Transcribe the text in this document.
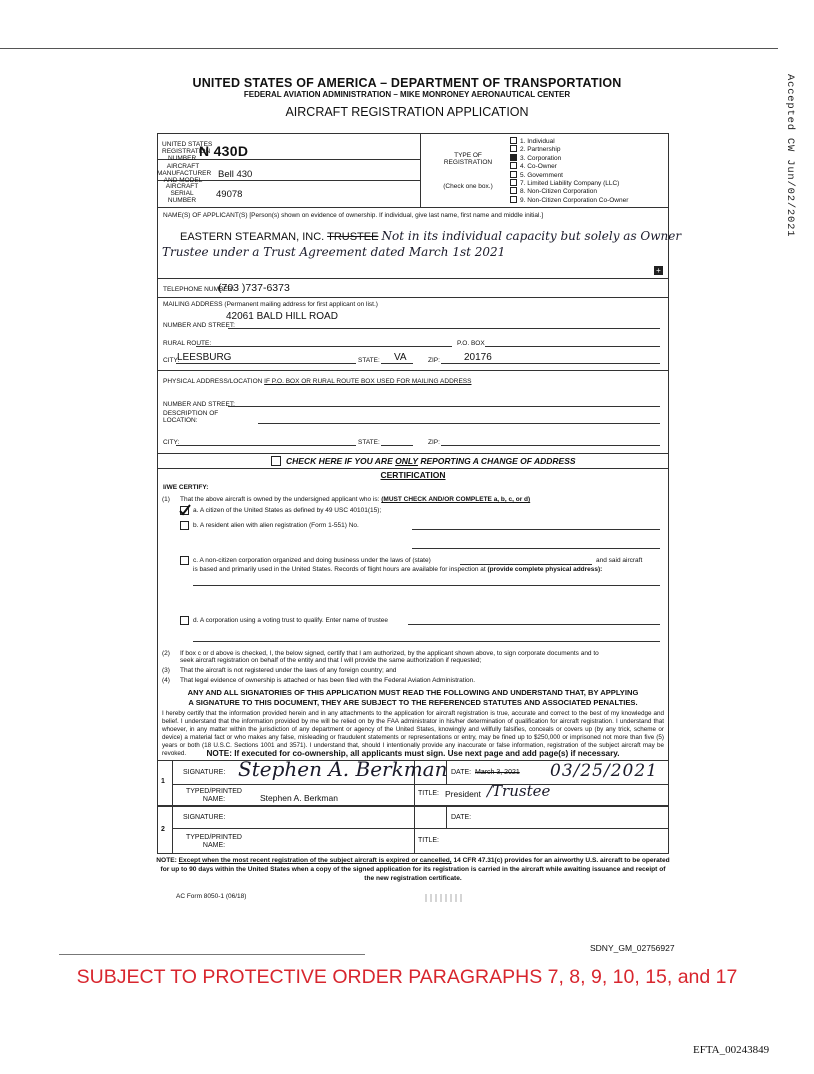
UNITED STATES OF AMERICA – DEPARTMENT OF TRANSPORTATION
FEDERAL AVIATION ADMINISTRATION – MIKE MONRONEY AERONAUTICAL CENTER
AIRCRAFT REGISTRATION APPLICATION	Accepted CW Jun/02/2021
UNITED STATES
REGISTRATION
NUMBER N 430D
AIRCRAFT
MANUFACTURER
AND MODEL
Bell 430
AIRCRAFT
SERIAL
NUMBER
49078
TYPE OF
REGISTRATION
(Check one box.)
1. Individual
2. Partnership
3. Corporation
4. Co-Owner
5. Government
7. Limited Liability Company (LLC)
8. Non-Citizen Corporation
9. Non-Citizen Corporation Co-Owner
NAME(S) OF APPLICANT(S) [Person(s) shown on evidence of ownership. If individual, give last name, first name and middle initial.]
EASTERN STEARMAN, INC. TRUSTEE Not in its individual capacity but solely as Owner
Trustee under a Trust Agreement dated March 1st 2021
+
TELEPHONE NUMBER:
(703 )737-6373
MAILING ADDRESS (Permanent mailing address for first applicant on list.)
NUMBER AND STREET:
42061 BALD HILL ROAD
RURAL ROUTE:	P.O. BOX
CITY:
LEESBURG	STATE: VA	ZIP: 20176
PHYSICAL ADDRESS/LOCATION IF P.O. BOX OR RURAL ROUTE BOX USED FOR MAILING ADDRESS
NUMBER AND STREET:
DESCRIPTION OF
LOCATION:
CITY:	STATE:	ZIP:
CHECK HERE IF YOU ARE ONLY REPORTING A CHANGE OF ADDRESS
CERTIFICATION
I/WE CERTIFY:
(1) That the above aircraft is owned by the undersigned applicant who is: (MUST CHECK AND/OR COMPLETE a, b, c, or d)
a. A citizen of the United States as defined by 49 USC 40101(15);
b. A resident alien with alien registration (Form 1-551) No.
c. A non-citizen corporation organized and doing business under the laws of (state)	and said aircraft
is based and primarily used in the United States. Records of flight hours are available for inspection at (provide complete physical address):
d. A corporation using a voting trust to qualify. Enter name of trustee
(2) If box c or d above is checked, I, the below signed, certify that I am authorized, by the applicant shown above, to sign corporate documents and to
seek aircraft registration on behalf of the entity and that I will provide the same authorization if requested;
(3) That the aircraft is not registered under the laws of any foreign country; and
(4) That legal evidence of ownership is attached or has been filed with the Federal Aviation Administration.
ANY AND ALL SIGNATORIES OF THIS APPLICATION MUST READ THE FOLLOWING AND UNDERSTAND THAT, BY APPLYING
A SIGNATURE TO THIS DOCUMENT, THEY ARE SUBJECT TO THE REFERENCED STATUTES AND ASSOCIATED PENALTIES.
I hereby certify that the information provided herein and in any attachments to the application for aircraft registration is true, accurate and correct to the best of my knowledge and belief. I understand that the information provided by me will be relied on by the FAA administrator in his/her determination of qualification for aircraft registration. I understand that whoever, in any matter within the jurisdiction of any department or agency of the United States, knowingly and willfully falsifies, conceals or covers up (by any trick, scheme or device) a material fact or who makes any false, misleading or fraudulent statements or representations or entry, may be fined up to $250,000 or imprisoned not more than five (5) years or both (18 U.S.C. Sections 1001 and 3571). I understand that, should I intentionally provide any inaccurate or false information, registration of the subject aircraft may be revoked.	NOTE: If executed for co-ownership, all applicants must sign. Use next page and add page(s) if necessary.
1
2
SIGNATURE: Stephen A. Berkman DATE: March 3, 2021 03/25/2021
TYPED/PRINTED
NAME:	Stephen A. Berkman	TITLE: President /Trustee
SIGNATURE:	DATE:
TYPED/PRINTED
NAME:
TITLE:
NOTE: Except when the most recent registration of the subject aircraft is expired or cancelled, 14 CFR 47.31(c) provides for an airworthy U.S. aircraft to be operated for up to 90 days within the United States when a copy of the signed application for its registration is carried in the aircraft while awaiting issuance and receipt of the new registration certificate.
AC Form 8050-1 (06/18)
SDNY_GM_02756927
SUBJECT TO PROTECTIVE ORDER PARAGRAPHS 7, 8, 9, 10, 15, and 17
EFTA_00243849
